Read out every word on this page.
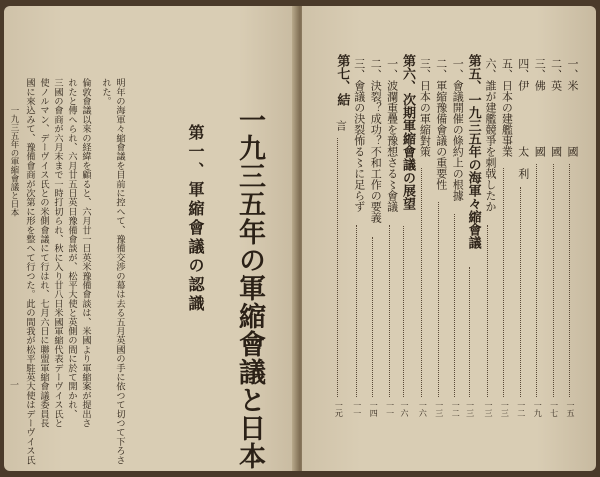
一九三五年の軍縮會議と日本
一 國に來込みて、豫備會商が次第に形を整へて行つた。此の間我が松平駐英大使はデーヴイス氏 使ノルマン、デーヴイス氏との米側會議にて行はれ、七月六日に聯盟軍縮會議委員長 三國の會商が六月末まで一時打切られ、秋に入り廿八日米國軍縮代表デーヴイス氏と れたと傳へられ、六月廿五日英日豫備會談が、松平大使と英側の間に於て開かれ、 倫敦會議以來の経緯を顧ると、六月廿一日英米豫備會談は、米國より軍縮案が提出さ れた。 明年の海軍々縮會議を目前に控へて、豫備交渉の幕は去る五月英國の手に依つて切つて下ろさ	第一、軍縮會議の認識 一九三五年の軍縮會議と日本
一、米
國
一五
二、英
國
一七
三、佛
國
一九
四、伊
太　利
一二
五、日本の建艦事業
一三
六、誰が建艦競爭を刺戟したか
一三
第五、一九三五年の海軍々縮會議
一三
一、會議開催の條約上の根據
一二
二、軍縮豫備會議の重要性
一三
三、日本の軍縮對策
一六
第六、次期軍縮會議の展望
一六
一、波瀾重疊を豫想さる〻會議
一一
二、決裂？成功？不和工作の要義
一四
三、會議の決裂怖る〻に足らず
一一
第七、結
言
一元
